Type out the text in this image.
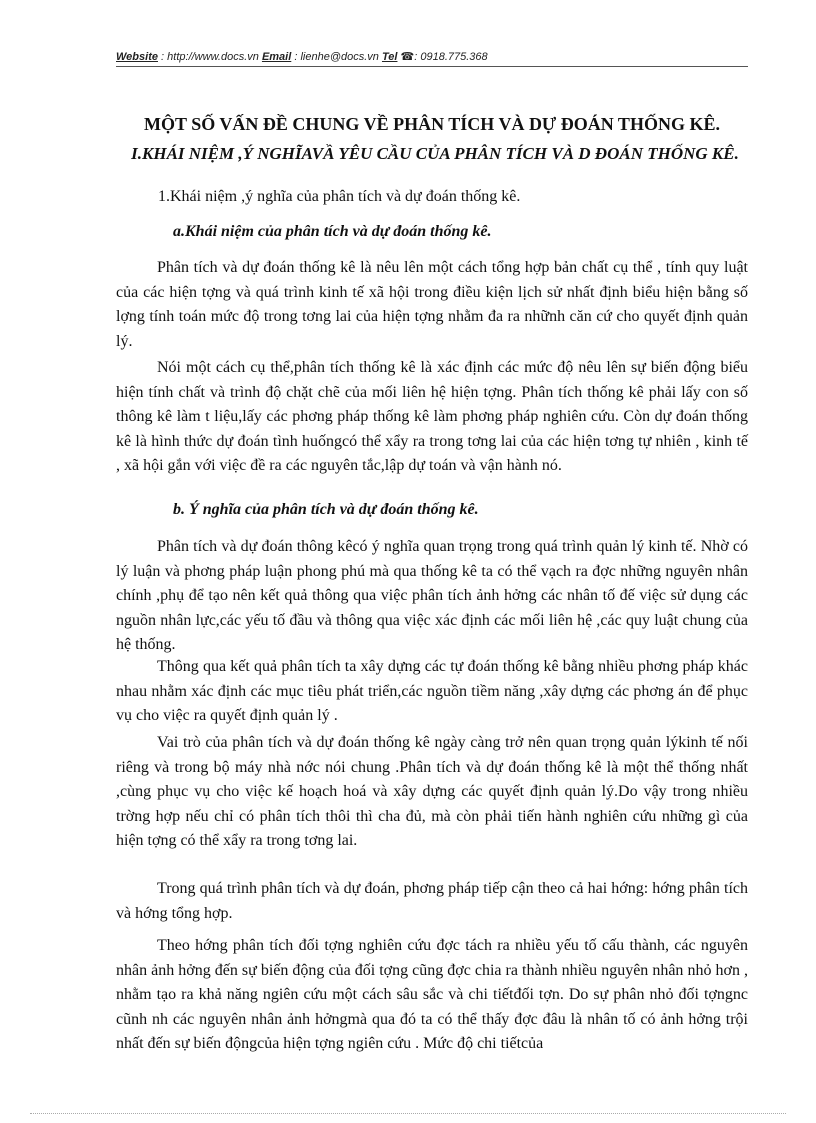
Website : http://www.docs.vn Email : lienhe@docs.vn Tel ☎: 0918.775.368
MỘT SỐ VẤN ĐỀ CHUNG VỀ PHÂN TÍCH VÀ DỰ ĐOÁN THỐNG KÊ.
I.KHÁI NIỆM ,Ý NGHĨAVẦ YÊU CẦU CỦA PHÂN TÍCH VÀ D ĐOÁN THỐNG KÊ.
1.Khái niệm ,ý nghĩa của phân tích và dự đoán thống kê.
a.Khái niệm của phân tích và dự đoán thống kê.
Phân tích và dự đoán thống kê là nêu lên một cách tổng hợp bản chất cụ thể , tính quy luật của các hiện tợng và quá trình kinh tế xã hội trong điều kiện lịch sử nhất định biểu hiện bằng số lợng tính toán mức độ trong tơng lai của hiện tợng nhằm đa ra nhữnh căn cứ cho quyết định quản lý.
Nói một cách cụ thể,phân tích thống kê là xác định các mức độ nêu lên sự biến động biểu hiện tính chất và trình độ chặt chẽ của mối liên hệ hiện tợng. Phân tích thống kê phải lấy con số thông kê làm t liệu,lấy các phơng pháp thống kê làm phơng pháp nghiên cứu. Còn dự đoán thống kê là hình thức dự đoán tình huốngcó thể xẩy ra trong tơng lai của các hiện tơng tự nhiên , kinh tế , xã hội gắn với việc đề ra các nguyên tắc,lập dự toán và vận hành nó.
b. Ý nghĩa của phân tích và dự đoán thống kê.
Phân tích và dự đoán thông kêcó ý nghĩa quan trọng trong quá trình quản lý kinh tế. Nhờ có lý luận và phơng pháp luận phong phú mà qua thống kê ta có thể vạch ra đợc những nguyên nhân chính ,phụ để tạo nên kết quả thông qua việc phân tích ảnh hởng các nhân tố đế việc sử dụng các nguồn nhân lực,các yếu tố đầu và thông qua việc xác định các mối liên hệ ,các quy luật chung của hệ thống.
Thông qua kết quả phân tích ta xây dựng các tự đoán thống kê bằng nhiều phơng pháp khác nhau nhằm xác định các mục tiêu phát triển,các nguồn tiềm năng ,xây dựng các phơng án để phục vụ cho việc ra quyết định quản lý .
Vai trò của phân tích và dự đoán thống kê ngày càng trở nên quan trọng quản lýkinh tế nối riêng và trong bộ máy nhà nớc nói chung .Phân tích và dự đoán thống kê là một thể thống nhất ,cùng phục vụ cho việc kế hoạch hoá và xây dựng các quyết định quản lý.Do vậy trong nhiều trờng hợp nếu chỉ có phân tích thôi thì cha đủ, mà còn phải tiến hành nghiên cứu những gì của hiện tợng có thể xẩy ra trong tơng lai.
Trong quá trình phân tích và dự đoán, phơng pháp tiếp cận theo cả hai hớng: hớng phân tích và hớng tổng hợp.
Theo hớng phân tích đối tợng nghiên cứu đợc tách ra nhiều yếu tố cấu thành, các nguyên nhân ảnh hởng đến sự biến động của đối tợng cũng đợc chia ra thành nhiều nguyên nhân nhỏ hơn , nhằm tạo ra khả năng ngiên cứu một cách sâu sắc và chi tiếtđối tợn. Do sự phân nhỏ đối tợngnc cũnh nh các nguyên nhân ảnh hởngmà qua đó ta có thể thấy đợc đâu là nhân tố có ảnh hởng trội nhất đến sự biến độngcủa hiện tợng ngiên cứu . Mức độ chi tiếtcủa
